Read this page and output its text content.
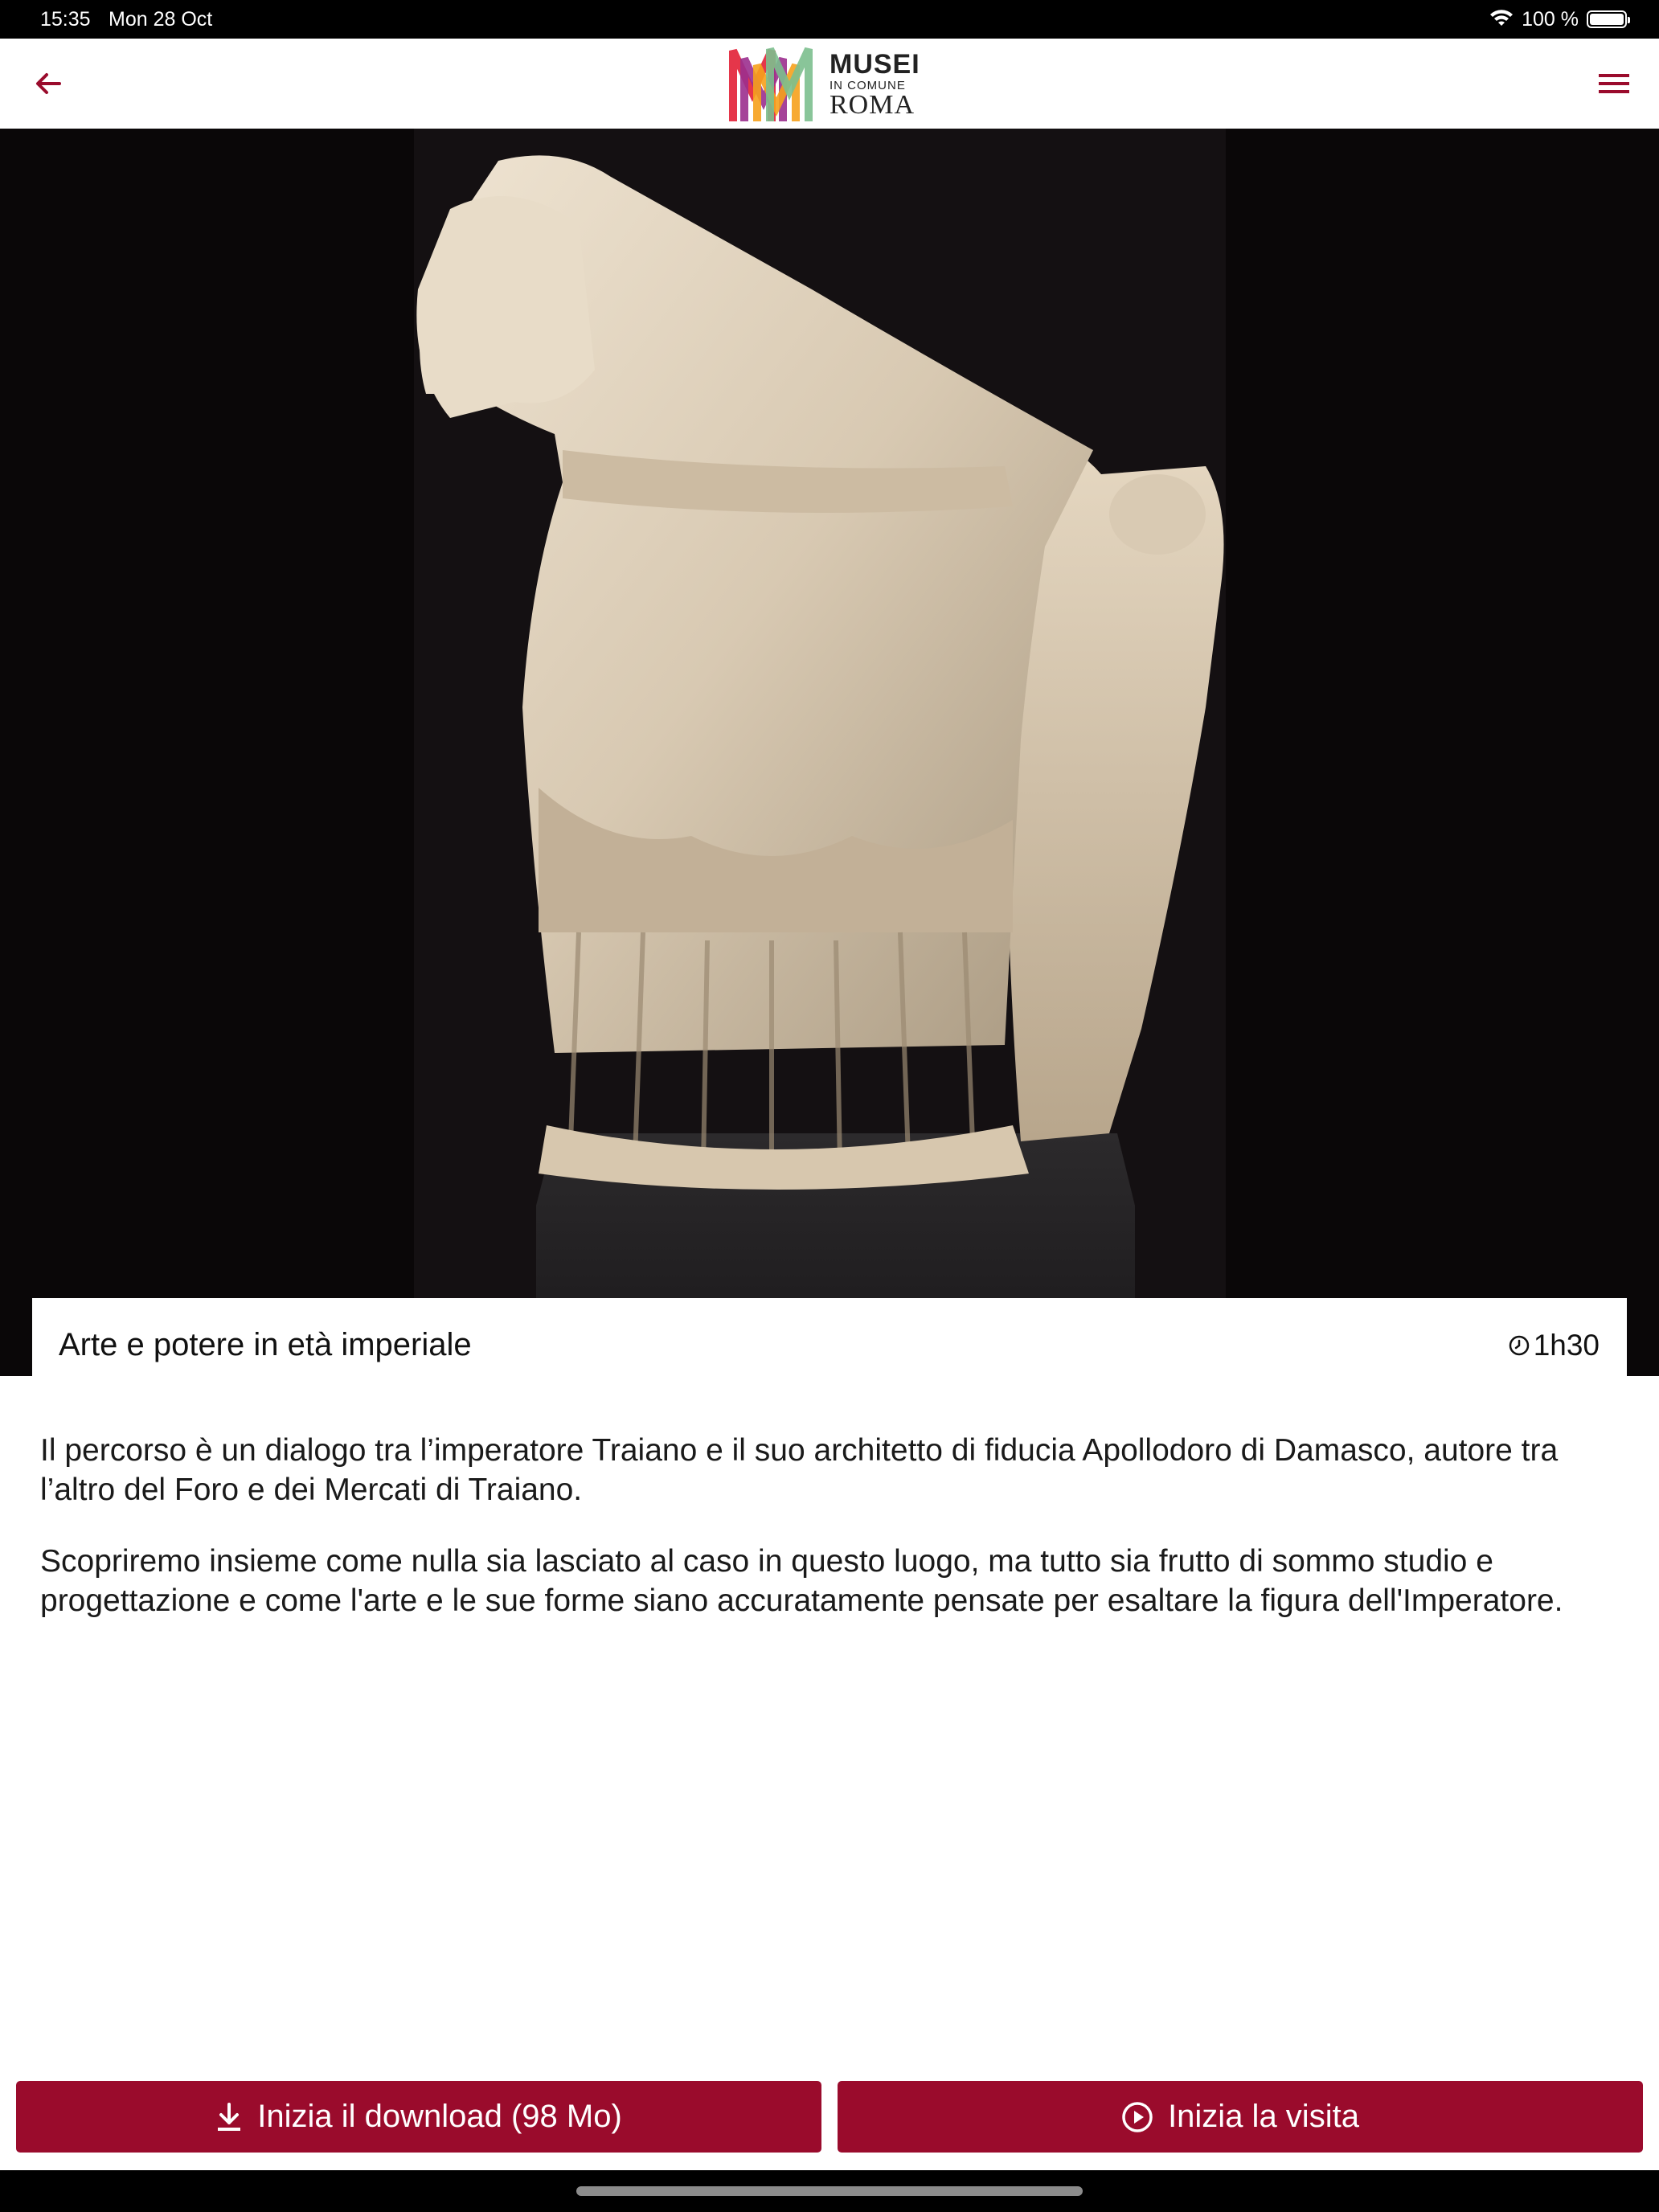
15:35 Mon 28 Oct	100 %
MUSEI
IN COMUNE
ROMA
Arte e potere in età imperiale	1h30

Il percorso è un dialogo tra l’imperatore Traiano e il suo architetto di fiducia Apollodoro di Damasco, autore tra l’altro del Foro e dei Mercati di Traiano.

Scopriremo insieme come nulla sia lasciato al caso in questo luogo, ma tutto sia frutto di sommo studio e progettazione e come l'arte e le sue forme siano accuratamente pensate per esaltare la figura dell'Imperatore.

Inizia il download (98 Mo)	Inizia la visita
